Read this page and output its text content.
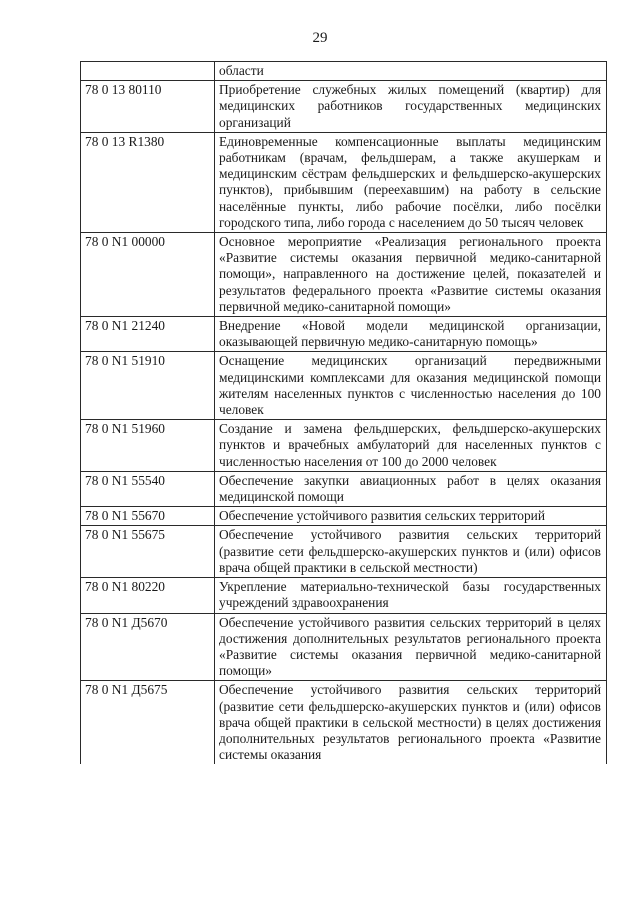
29
	области
78 0 13 80110	Приобретение служебных жилых помещений (квартир) для медицинских работников государственных медицинских организаций
78 0 13 R1380	Единовременные компенсационные выплаты медицинским работникам (врачам, фельдшерам, а также акушеркам и медицинским сёстрам фельдшерских и фельдшерско-акушерских пунктов), прибывшим (переехавшим) на работу в сельские населённые пункты, либо рабочие посёлки, либо посёлки городского типа, либо города с населением до 50 тысяч человек
78 0 N1 00000	Основное мероприятие «Реализация регионального проекта «Развитие системы оказания первичной медико-санитарной помощи», направленного на достижение целей, показателей и результатов федерального проекта «Развитие системы оказания первичной медико-санитарной помощи»
78 0 N1 21240	Внедрение «Новой модели медицинской организации, оказывающей первичную медико-санитарную помощь»
78 0 N1 51910	Оснащение медицинских организаций передвижными медицинскими комплексами для оказания медицинской помощи жителям населенных пунктов с численностью населения до 100 человек
78 0 N1 51960	Создание и замена фельдшерских, фельдшерско-акушерских пунктов и врачебных амбулаторий для населенных пунктов с численностью населения от 100 до 2000 человек
78 0 N1 55540	Обеспечение закупки авиационных работ в целях оказания медицинской помощи
78 0 N1 55670	Обеспечение устойчивого развития сельских территорий
78 0 N1 55675	Обеспечение устойчивого развития сельских территорий (развитие сети фельдшерско-акушерских пунктов и (или) офисов врача общей практики в сельской местности)
78 0 N1 80220	Укрепление материально-технической базы государственных учреждений здравоохранения
78 0 N1 Д5670	Обеспечение устойчивого развития сельских территорий в целях достижения дополнительных результатов регионального проекта «Развитие системы оказания первичной медико-санитарной помощи»
78 0 N1 Д5675	Обеспечение устойчивого развития сельских территорий (развитие сети фельдшерско-акушерских пунктов и (или) офисов врача общей практики в сельской местности) в целях достижения дополнительных результатов регионального проекта «Развитие системы оказания
